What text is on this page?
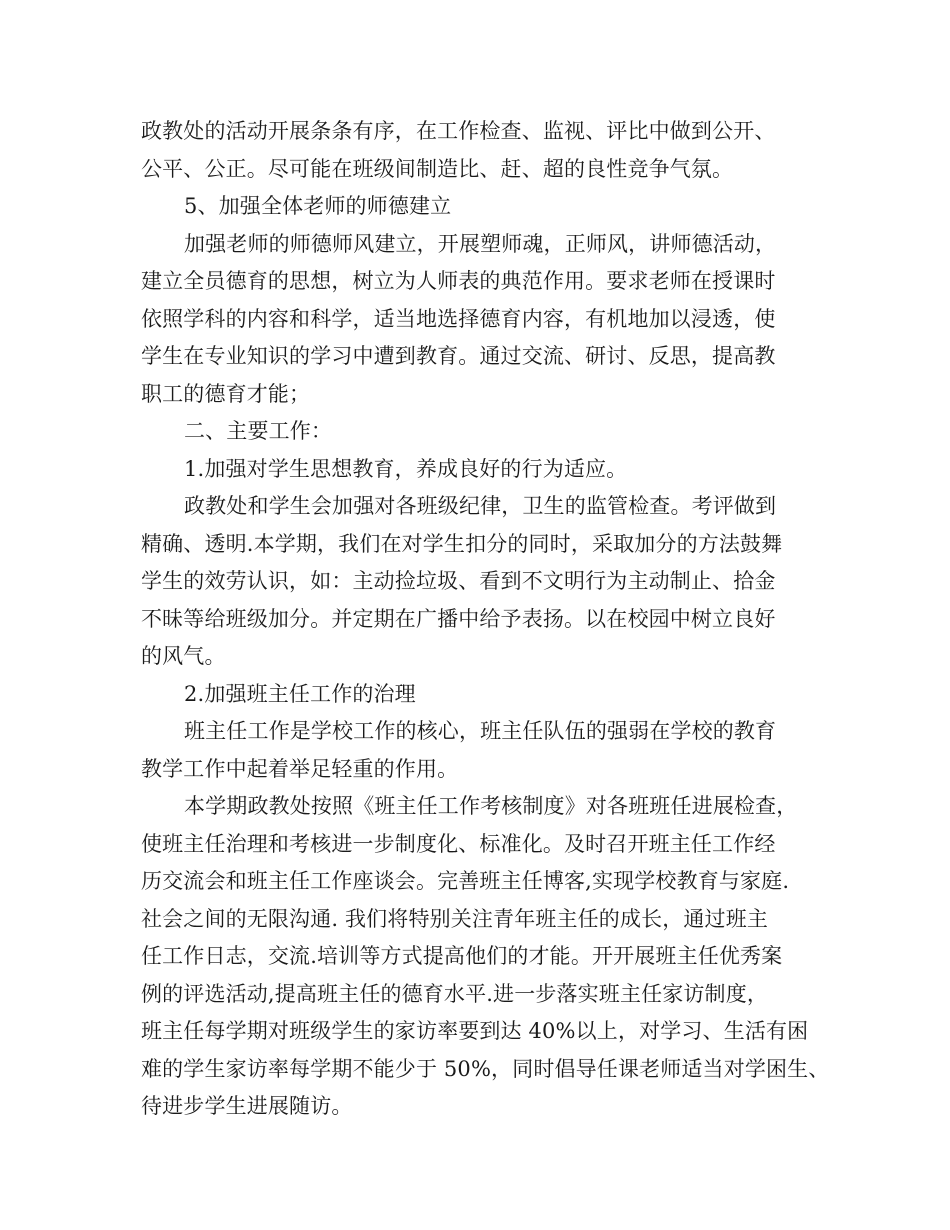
政教处的活动开展条条有序，在工作检查、监视、评比中做到公开、
公平、公正。尽可能在班级间制造比、赶、超的良性竞争气氛。
5、加强全体老师的师德建立
加强老师的师德师风建立，开展塑师魂，正师风，讲师德活动，
建立全员德育的思想，树立为人师表的典范作用。要求老师在授课时
依照学科的内容和科学，适当地选择德育内容，有机地加以浸透，使
学生在专业知识的学习中遭到教育。通过交流、研讨、反思，提高教
职工的德育才能；
二、主要工作：
1.加强对学生思想教育，养成良好的行为适应。
政教处和学生会加强对各班级纪律，卫生的监管检查。考评做到
精确、透明.本学期，我们在对学生扣分的同时，采取加分的方法鼓舞
学生的效劳认识，如：主动捡垃圾、看到不文明行为主动制止、拾金
不昧等给班级加分。并定期在广播中给予表扬。以在校园中树立良好
的风气。
2.加强班主任工作的治理
班主任工作是学校工作的核心，班主任队伍的强弱在学校的教育
教学工作中起着举足轻重的作用。
本学期政教处按照《班主任工作考核制度》对各班班任进展检查，
使班主任治理和考核进一步制度化、标准化。及时召开班主任工作经
历交流会和班主任工作座谈会。完善班主任博客,实现学校教育与家庭.
社会之间的无限沟通. 我们将特别关注青年班主任的成长，通过班主
任工作日志，交流.培训等方式提高他们的才能。开开展班主任优秀案
例的评选活动,提高班主任的德育水平.进一步落实班主任家访制度，
班主任每学期对班级学生的家访率要到达 40%以上，对学习、生活有困
难的学生家访率每学期不能少于 50%，同时倡导任课老师适当对学困生、
待进步学生进展随访。
